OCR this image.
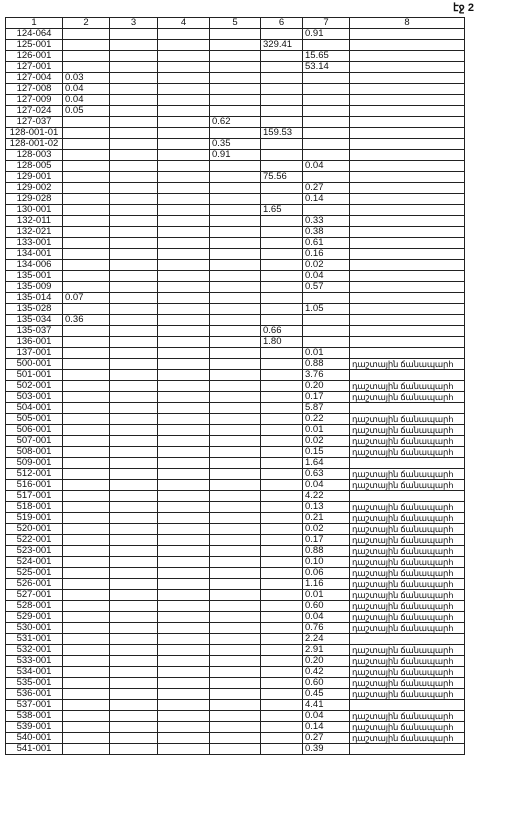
էջ 2
1	2	3	4	5	6	7	8
124-064						0.91	
125-001					329.41		
126-001						15.65	
127-001						53.14	
127-004	0.03						
127-008	0.04						
127-009	0.04						
127-024	0.05						
127-037				0.62			
128-001-01					159.53		
128-001-02				0.35			
128-003				0.91			
128-005						0.04	
129-001					75.56		
129-002						0.27	
129-028						0.14	
130-001					1.65		
132-011						0.33	
132-021						0.38	
133-001						0.61	
134-001						0.16	
134-006						0.02	
135-001						0.04	
135-009						0.57	
135-014	0.07						
135-028						1.05	
135-034	0.36						
135-037					0.66		
136-001					1.80		
137-001						0.01	
500-001						0.88	դաշտային ճանապարհ
501-001						3.76	
502-001						0.20	դաշտային ճանապարհ
503-001						0.17	դաշտային ճանապարհ
504-001						5.87	
505-001						0.22	դաշտային ճանապարհ
506-001						0.01	դաշտային ճանապարհ
507-001						0.02	դաշտային ճանապարհ
508-001						0.15	դաշտային ճանապարհ
509-001						1.64	
512-001						0.63	դաշտային ճանապարհ
516-001						0.04	դաշտային ճանապարհ
517-001						4.22	
518-001						0.13	դաշտային ճանապարհ
519-001						0.21	դաշտային ճանապարհ
520-001						0.02	դաշտային ճանապարհ
522-001						0.17	դաշտային ճանապարհ
523-001						0.88	դաշտային ճանապարհ
524-001						0.10	դաշտային ճանապարհ
525-001						0.06	դաշտային ճանապարհ
526-001						1.16	դաշտային ճանապարհ
527-001						0.01	դաշտային ճանապարհ
528-001						0.60	դաշտային ճանապարհ
529-001						0.04	դաշտային ճանապարհ
530-001						0.76	դաշտային ճանապարհ
531-001						2.24	
532-001						2.91	դաշտային ճանապարհ
533-001						0.20	դաշտային ճանապարհ
534-001						0.42	դաշտային ճանապարհ
535-001						0.60	դաշտային ճանապարհ
536-001						0.45	դաշտային ճանապարհ
537-001						4.41	
538-001						0.04	դաշտային ճանապարհ
539-001						0.14	դաշտային ճանապարհ
540-001						0.27	դաշտային ճանապարհ
541-001						0.39	
